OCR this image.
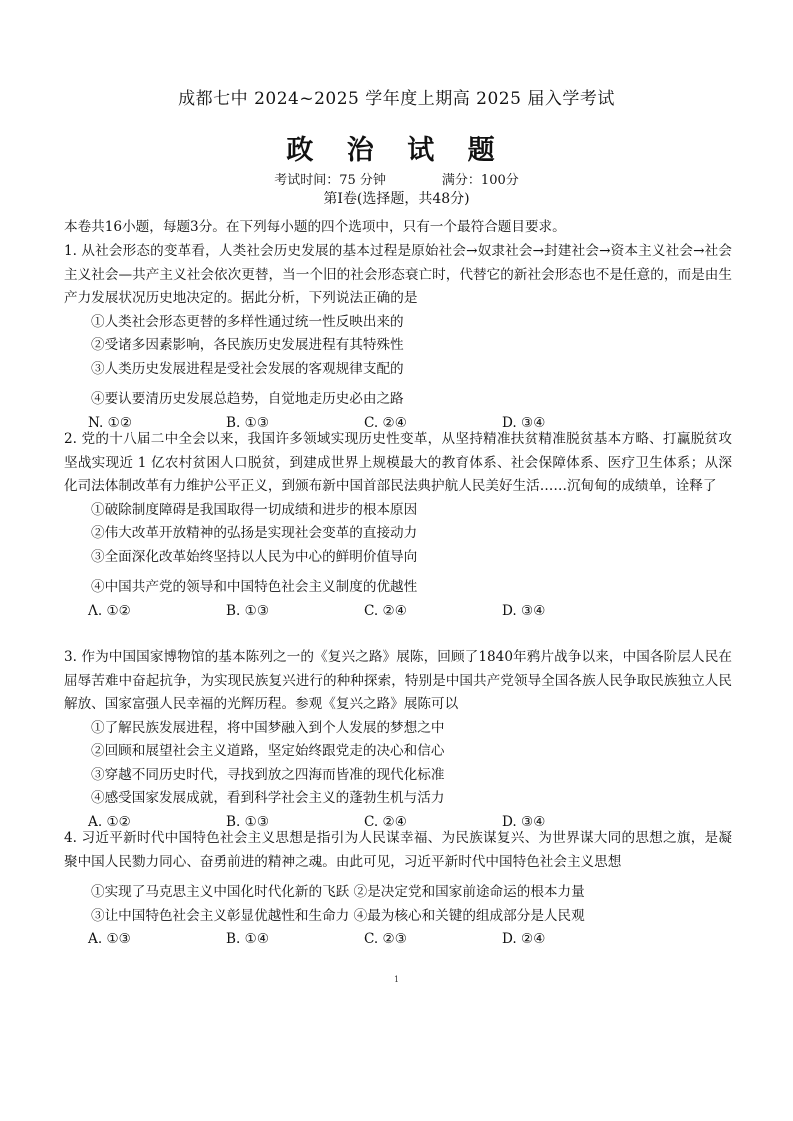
成都七中 2024~2025 学年度上期高 2025 届入学考试
政 治 试 题
考试时间：75 分钟	满分：100分
第Ⅰ卷(选择题，共48分)

本卷共16小题，每题3分。在下列每小题的四个选项中，只有一个最符合题目要求。

1. 从社会形态的变革看，人类社会历史发展的基本过程是原始社会→奴隶社会→封建社会→资本主义社会→社会主义社会—共产主义社会依次更替，当一个旧的社会形态衰亡时，代替它的新社会形态也不是任意的，而是由生产力发展状况历史地决定的。据此分析，下列说法正确的是

①人类社会形态更替的多样性通过统一性反映出来的

②受诸多因素影响，各民族历史发展进程有其特殊性

③人类历史发展进程是受社会发展的客观规律支配的

④要认要清历史发展总趋势，自觉地走历史必由之路

N. ①②	B. ①③	C. ②④	D. ③④

2. 党的十八届二中全会以来，我国许多领域实现历史性变革，从坚持精准扶贫精准脱贫基本方略、打赢脱贫攻坚战实现近 1 亿农村贫困人口脱贫，到建成世界上规模最大的教育体系、社会保障体系、医疗卫生体系；从深化司法体制改革有力维护公平正义，到颁布新中国首部民法典护航人民美好生活……沉甸甸的成绩单，诠释了

①破除制度障碍是我国取得一切成绩和进步的根本原因

②伟大改革开放精神的弘扬是实现社会变革的直接动力

③全面深化改革始终坚持以人民为中心的鲜明价值导向

④中国共产党的领导和中国特色社会主义制度的优越性

Λ. ①②	B. ①③	C. ②④	D. ③④

3. 作为中国国家博物馆的基本陈列之一的《复兴之路》展陈，回顾了1840年鸦片战争以来，中国各阶层人民在屈辱苦难中奋起抗争，为实现民族复兴进行的种种探索，特别是中国共产党领导全国各族人民争取民族独立人民解放、国家富强人民幸福的光辉历程。参观《复兴之路》展陈可以

①了解民族发展进程，将中国梦融入到个人发展的梦想之中

②回顾和展望社会主义道路，坚定始终跟党走的决心和信心

③穿越不同历史时代，寻找到放之四海而皆准的现代化标准

④感受国家发展成就，看到科学社会主义的蓬勃生机与活力

A. ①②	B. ①③	C. ②④	D. ③④

4. 习近平新时代中国特色社会主义思想是指引为人民谋幸福、为民族谋复兴、为世界谋大同的思想之旗，是凝聚中国人民勠力同心、奋勇前进的精神之魂。由此可见，习近平新时代中国特色社会主义思想

①实现了马克思主义中国化时代化新的飞跃 ②是决定党和国家前途命运的根本力量

③让中国特色社会主义彰显优越性和生命力 ④最为核心和关键的组成部分是人民观

A. ①③	B. ①④	C. ②③	D. ②④
1
